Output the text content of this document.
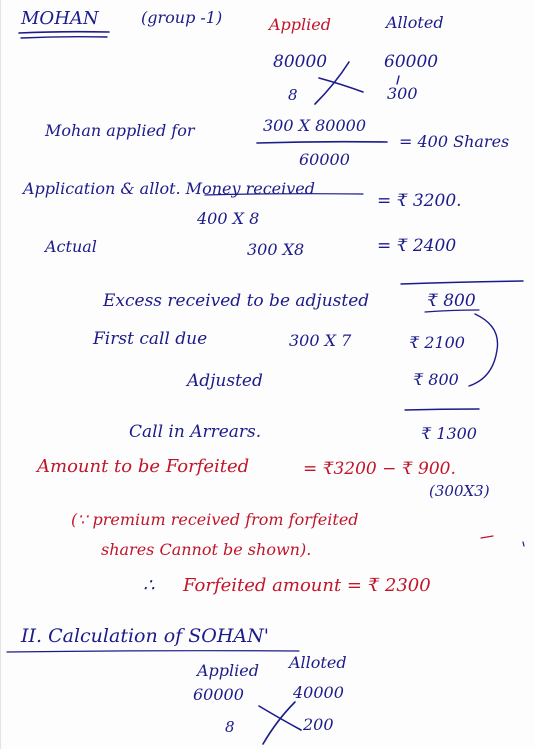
MOHAN	(group -1)	Applied	Alloted
80000	60000
8	300
Mohan applied for	300 X 80000
60000
= 400 Shares
Application & allot. Money received
400 X 8
= ₹ 3200.
Actual	300 X8	= ₹ 2400
Excess received to be adjusted	₹ 800
First call due	300 X 7	₹ 2100
Adjusted	₹ 800
Call in Arrears.	₹ 1300
Amount to be Forfeited	= ₹3200 − ₹ 900.
(300X3)
(∵ premium received from forfeited
shares Cannot be shown).
∴ Forfeited amount = ₹ 2300
II. Calculation of SOHAN'
Applied Alloted
60000	40000
8	200
